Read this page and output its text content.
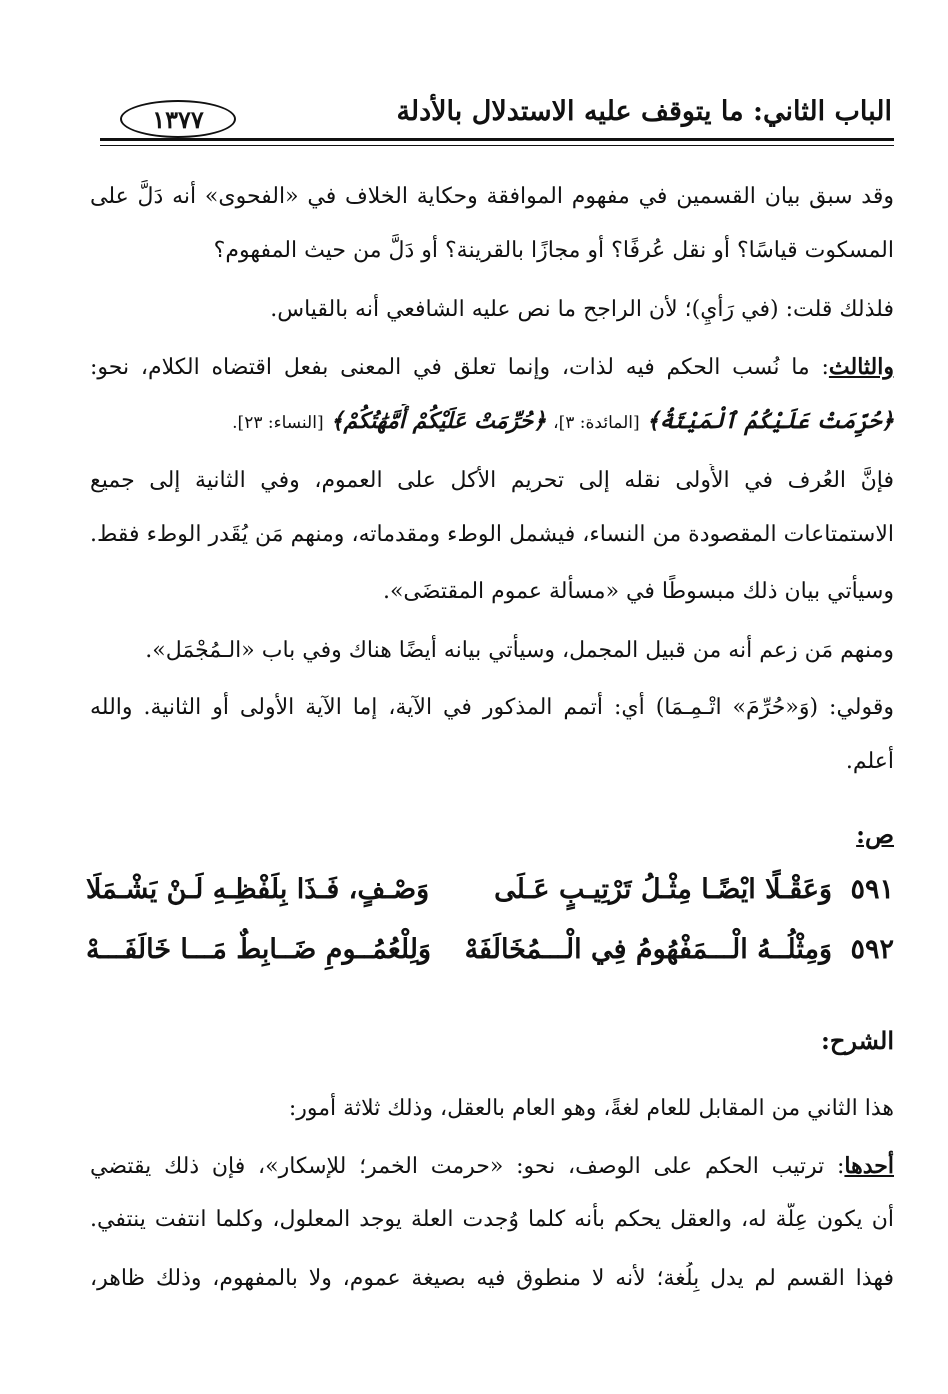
الباب الثاني: ما يتوقف عليه الاستدلال بالأدلة
١٣٧٧
وقد سبق بيان القسمين في مفهوم الموافقة وحكاية الخلاف في «الفحوى» أنه دَلَّ على
المسكوت قياسًا؟ أو نقل عُرفًا؟ أو مجازًا بالقرينة؟ أو دَلَّ من حيث المفهوم؟
فلذلك قلت: (في رَأْيِ)؛ لأن الراجح ما نص عليه الشافعي أنه بالقياس.
والثالث: ما نُسب الحكم فيه لذات، وإنما تعلق في المعنى بفعل اقتضاه الكلام، نحو:
﴿حُرِّمَتْ عَلَيْكُمُ ٱلْمَيْتَةُ﴾ [المائدة: ٣]، ﴿حُرِّمَتْ عَلَيْكُمْ أُمَّهَٰتُكُمْ﴾ [النساء: ٢٣].
فإنَّ العُرف في الأُولى نقله إلى تحريم الأكل على العموم، وفي الثانية إلى جميع
الاستمتاعات المقصودة من النساء، فيشمل الوطء ومقدماته، ومنهم مَن يُقَدر الوطء فقط.
وسيأتي بيان ذلك مبسوطًا في «مسألة عموم المقتضَى».
ومنهم مَن زعم أنه من قبيل المجمل، وسيأتي بيانه أيضًا هناك وفي باب «الـمُجْمَل».
وقولي: (وَ«حُرِّمَ» اتْـمِـمَا) أي: أتمم المذكور في الآية، إما الآية الأولى أو الثانية. والله
أعلم.
ص:
٥٩١
وَعَقْـلًا ايْضًـا مِثْـلُ تَرْتِيـبٍ عَـلَى
وَصْـفٍ، فَـذَا بِلَفْظِـهِ لَـنْ يَشْـمَلَا
٥٩٢
وَمِثْلُــهُ الْـــمَفْهُومُ فِي الْـــمُخَالَفَهْ
وَلِلْعُمُــومِ ضَــابِطٌ مَـــا خَالَفَـــهْ
الشرح:
هذا الثاني من المقابل للعام لغةً، وهو العام بالعقل، وذلك ثلاثة أمور:
أحدها: ترتيب الحكم على الوصف، نحو: «حرمت الخمر؛ للإسكار»، فإن ذلك يقتضي
أن يكون عِلَّة له، والعقل يحكم بأنه كلما وُجدت العلة يوجد المعلول، وكلما انتفت ينتفي.
فهذا القسم لم يدل بِلُغة؛ لأنه لا منطوق فيه بصيغة عموم، ولا بالمفهوم، وذلك ظاهر،
